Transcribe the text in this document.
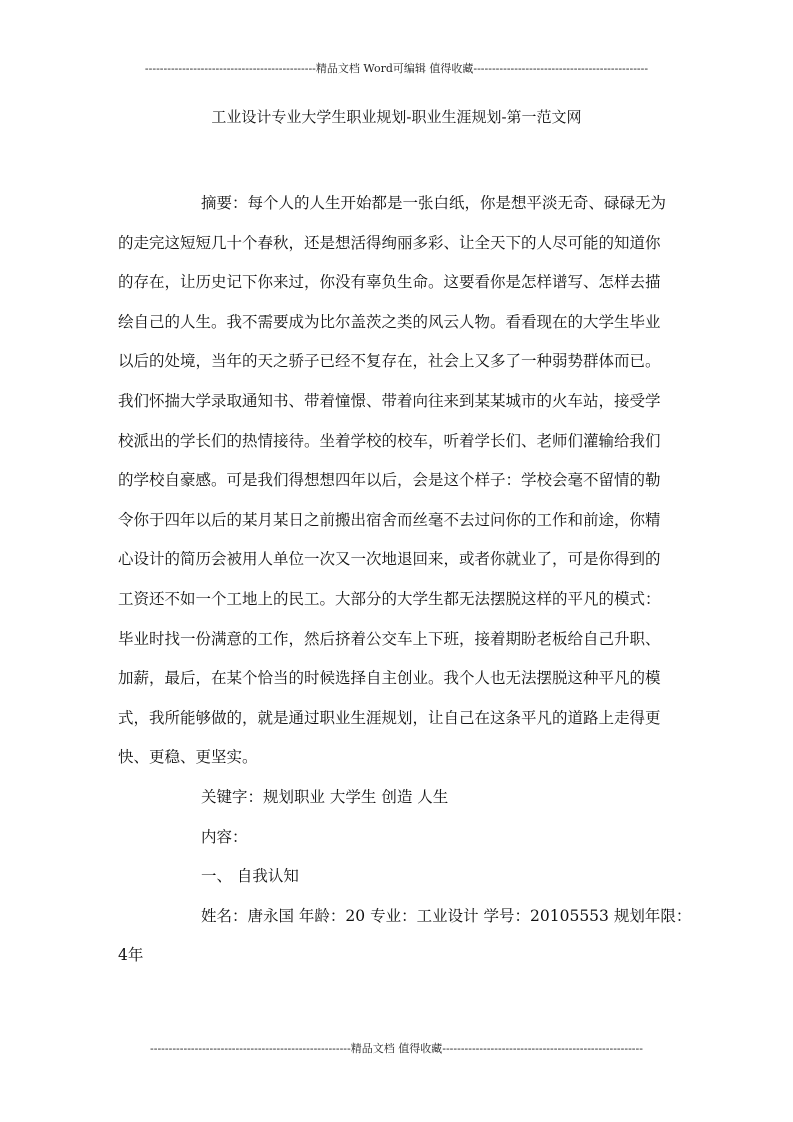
----------------------------------------------精品文档 Word可编辑 值得收藏-----------------------------------------------
工业设计专业大学生职业规划-职业生涯规划-第一范文网
摘要：每个人的人生开始都是一张白纸，你是想平淡无奇、碌碌无为
的走完这短短几十个春秋，还是想活得绚丽多彩、让全天下的人尽可能的知道你
的存在，让历史记下你来过，你没有辜负生命。这要看你是怎样谱写、怎样去描
绘自己的人生。我不需要成为比尔盖茨之类的风云人物。看看现在的大学生毕业
以后的处境，当年的天之骄子已经不复存在，社会上又多了一种弱势群体而已。
我们怀揣大学录取通知书、带着憧憬、带着向往来到某某城市的火车站，接受学
校派出的学长们的热情接待。坐着学校的校车，听着学长们、老师们灌输给我们
的学校自豪感。可是我们得想想四年以后，会是这个样子：学校会毫不留情的勒
令你于四年以后的某月某日之前搬出宿舍而丝毫不去过问你的工作和前途，你精
心设计的简历会被用人单位一次又一次地退回来，或者你就业了，可是你得到的
工资还不如一个工地上的民工。大部分的大学生都无法摆脱这样的平凡的模式：
毕业时找一份满意的工作，然后挤着公交车上下班，接着期盼老板给自己升职、
加薪，最后，在某个恰当的时候选择自主创业。我个人也无法摆脱这种平凡的模
式，我所能够做的，就是通过职业生涯规划，让自己在这条平凡的道路上走得更
快、更稳、更坚实。
关键字：规划职业 大学生 创造 人生
内容：
一、 自我认知
姓名：唐永国 年龄：20 专业：工业设计 学号：20105553 规划年限：
4年
------------------------------------------------------精品文档 值得收藏------------------------------------------------------
